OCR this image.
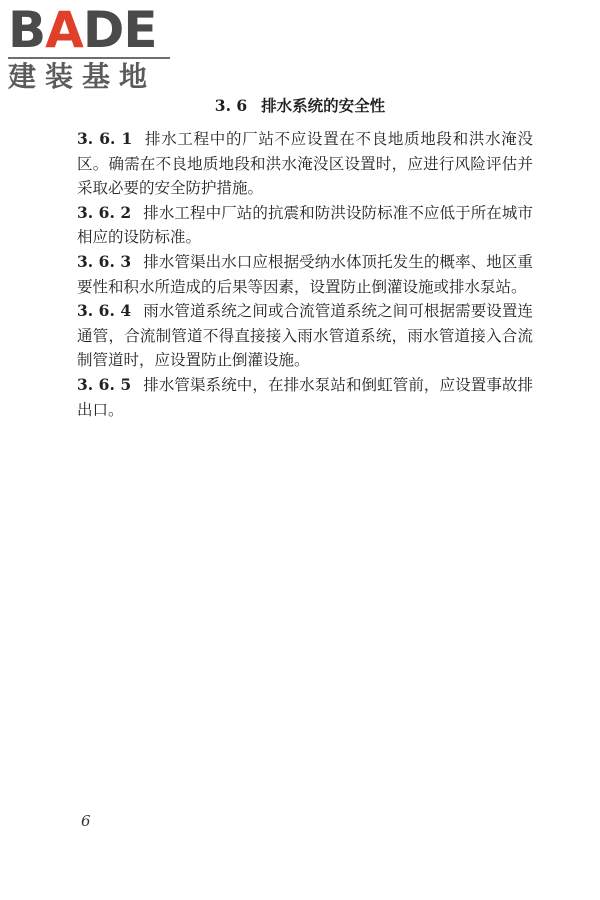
BADE
建装基地
3. 6 排水系统的安全性

3. 6. 1 排水工程中的厂站不应设置在不良地质地段和洪水淹没区。确需在不良地质地段和洪水淹没区设置时，应进行风险评估并采取必要的安全防护措施。

3. 6. 2 排水工程中厂站的抗震和防洪设防标准不应低于所在城市相应的设防标准。

3. 6. 3 排水管渠出水口应根据受纳水体顶托发生的概率、地区重要性和积水所造成的后果等因素，设置防止倒灌设施或排水泵站。

3. 6. 4 雨水管道系统之间或合流管道系统之间可根据需要设置连通管，合流制管道不得直接接入雨水管道系统，雨水管道接入合流制管道时，应设置防止倒灌设施。

3. 6. 5 排水管渠系统中，在排水泵站和倒虹管前，应设置事故排出口。

6
